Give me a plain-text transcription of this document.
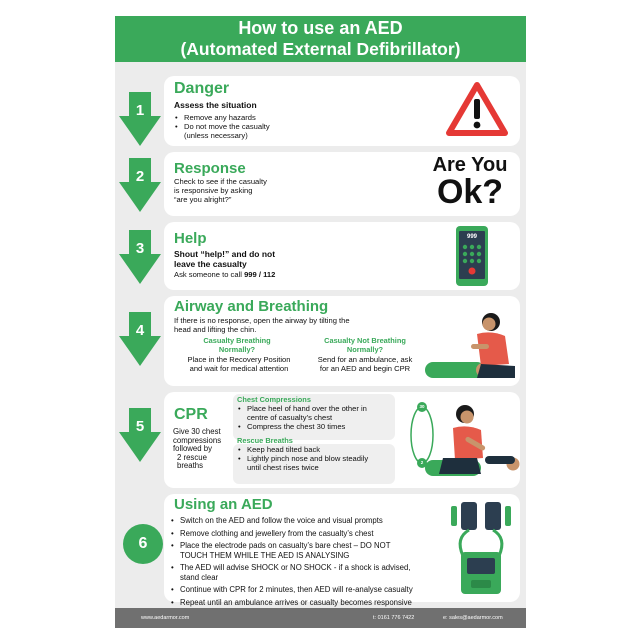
How to use an AED
(Automated External Defibrillator)
1
Danger
Assess the situation
• Remove any hazards
• Do not move the casualty
(unless necessary)
2	Response
Check to see if the casualty
is responsive by asking
“are you alright?”
Are You
Ok?
3
Help
Shout “help!” and do not
leave the casualty
Ask someone to call 999 / 112
999
4
Airway and Breathing
If there is no response, open the airway by tilting the
head and lifting the chin.
Casualty Breathing
Normally?
Place in the Recovery Position
and wait for medical attention
Casualty Not Breathing
Normally?
Send for an ambulance, ask
for an AED and begin CPR
5
CPR
Give 30 chest
compressions
followed by
2 rescue
breaths
Chest Compressions
• Place heel of hand over the other in
centre of casualty’s chest
• Compress the chest 30 times
Rescue Breaths
• Keep head tilted back
• Lightly pinch nose and blow steadily
until chest rises twice
30
2
6
Using an AED
• Switch on the AED and follow the voice and visual prompts
• Remove clothing and jewellery from the casualty’s chest
• Place the electrode pads on casualty’s bare chest – DO NOT
TOUCH THEM WHILE THE AED IS ANALYSING
• The AED will advise SHOCK or NO SHOCK - if a shock is advised,
stand clear
• Continue with CPR for 2 minutes, then AED will re-analyse casualty
• Repeat until an ambulance arrives or casualty becomes responsive
www.aedarmor.com	t: 0161 776 7422	e: sales@aedarmor.com
